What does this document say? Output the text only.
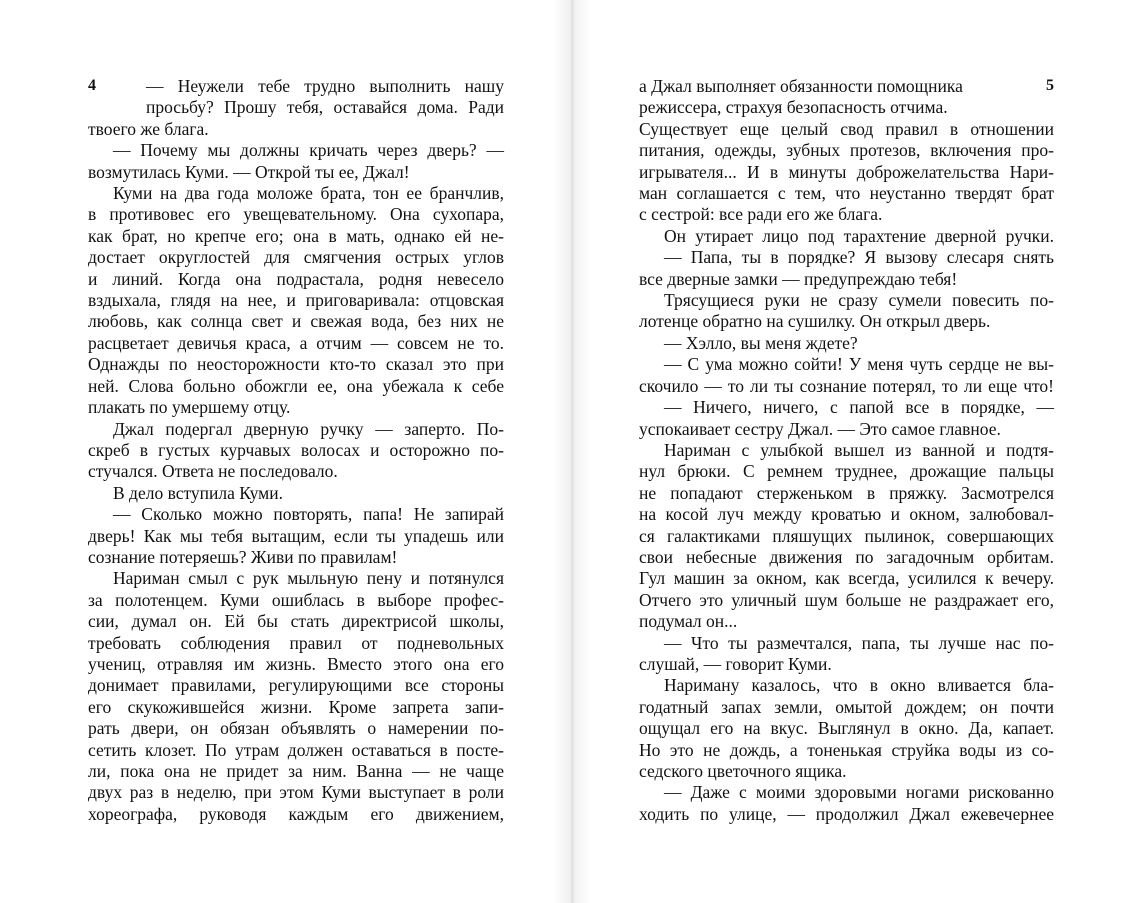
4	— Неужели тебе трудно выполнить нашу
просьбу? Прошу тебя, оставайся дома. Ради
твоего же блага.
— Почему мы должны кричать через дверь? —
возмутилась Куми. — Открой ты ее, Джал!
Куми на два года моложе брата, тон ее бранчлив,
в противовес его увещевательному. Она сухопара,
как брат, но крепче его; она в мать, однако ей не-
достает округлостей для смягчения острых углов
и линий. Когда она подрастала, родня невесело
вздыхала, глядя на нее, и приговаривала: отцовская
любовь, как солнца свет и свежая вода, без них не
расцветает девичья краса, а отчим — совсем не то.
Однажды по неосторожности кто-то сказал это при
ней. Слова больно обожгли ее, она убежала к себе
плакать по умершему отцу.
Джал подергал дверную ручку — заперто. По-
скреб в густых курчавых волосах и осторожно по-
стучался. Ответа не последовало.
В дело вступила Куми.
— Сколько можно повторять, папа! Не запирай
дверь! Как мы тебя вытащим, если ты упадешь или
сознание потеряешь? Живи по правилам!
Нариман смыл с рук мыльную пену и потянулся
за полотенцем. Куми ошиблась в выборе профес-
сии, думал он. Ей бы стать директрисой школы,
требовать соблюдения правил от подневольных
учениц, отравляя им жизнь. Вместо этого она его
донимает правилами, регулирующими все стороны
его скукожившейся жизни. Кроме запрета запи-
рать двери, он обязан объявлять о намерении по-
сетить клозет. По утрам должен оставаться в посте-
ли, пока она не придет за ним. Ванна — не чаще
двух раз в неделю, при этом Куми выступает в роли
хореографа, руководя каждым его движением,
5
а Джал выполняет обязанности помощника
режиссера, страхуя безопасность отчима.
Существует еще целый свод правил в отношении
питания, одежды, зубных протезов, включения про-
игрывателя... И в минуты доброжелательства Нари-
ман соглашается с тем, что неустанно твердят брат
с сестрой: все ради его же блага.
Он утирает лицо под тарахтение дверной ручки.
— Папа, ты в порядке? Я вызову слесаря снять
все дверные замки — предупреждаю тебя!
Трясущиеся руки не сразу сумели повесить по-
лотенце обратно на сушилку. Он открыл дверь.
— Хэлло, вы меня ждете?
— С ума можно сойти! У меня чуть сердце не вы-
скочило — то ли ты сознание потерял, то ли еще что!
— Ничего, ничего, с папой все в порядке, —
успокаивает сестру Джал. — Это самое главное.
Нариман с улыбкой вышел из ванной и подтя-
нул брюки. С ремнем труднее, дрожащие пальцы
не попадают стерженьком в пряжку. Засмотрелся
на косой луч между кроватью и окном, залюбовал-
ся галактиками пляшущих пылинок, совершающих
свои небесные движения по загадочным орбитам.
Гул машин за окном, как всегда, усилился к вечеру.
Отчего это уличный шум больше не раздражает его,
подумал он...
— Что ты размечтался, папа, ты лучше нас по-
слушай, — говорит Куми.
Нариману казалось, что в окно вливается бла-
годатный запах земли, омытой дождем; он почти
ощущал его на вкус. Выглянул в окно. Да, капает.
Но это не дождь, а тоненькая струйка воды из со-
седского цветочного ящика.
— Даже с моими здоровыми ногами рискованно
ходить по улице, — продолжил Джал ежевечернее
